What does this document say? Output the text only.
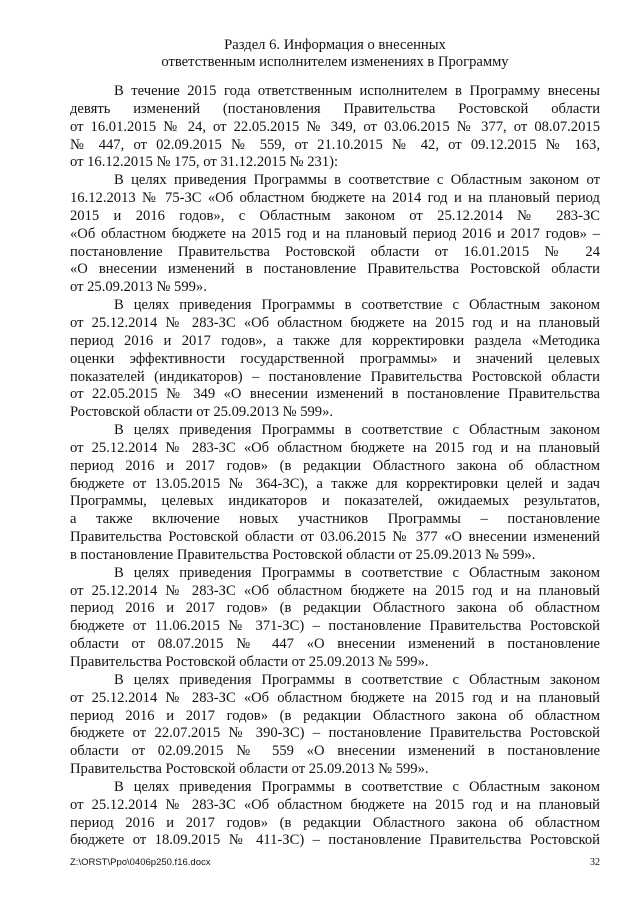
Раздел 6. Информация о внесенных
ответственным исполнителем изменениях в Программу

В течение 2015 года ответственным исполнителем в Программу внесены
девять изменений (постановления Правительства Ростовской области
от 16.01.2015 № 24, от 22.05.2015 № 349, от 03.06.2015 № 377, от 08.07.2015
№ 447, от 02.09.2015 № 559, от 21.10.2015 № 42, от 09.12.2015 № 163,
от 16.12.2015 № 175, от 31.12.2015 № 231):

В целях приведения Программы в соответствие с Областным законом от
16.12.2013 № 75-ЗС «Об областном бюджете на 2014 год и на плановый период
2015 и 2016 годов», с Областным законом от 25.12.2014 № 283-ЗС
«Об областном бюджете на 2015 год и на плановый период 2016 и 2017 годов» –
постановление Правительства Ростовской области от 16.01.2015 № 24
«О внесении изменений в постановление Правительства Ростовской области
от 25.09.2013 № 599».

В целях приведения Программы в соответствие с Областным законом
от 25.12.2014 № 283-ЗС «Об областном бюджете на 2015 год и на плановый
период 2016 и 2017 годов», а также для корректировки раздела «Методика
оценки эффективности государственной программы» и значений целевых
показателей (индикаторов) – постановление Правительства Ростовской области
от 22.05.2015 № 349 «О внесении изменений в постановление Правительства
Ростовской области от 25.09.2013 № 599».

В целях приведения Программы в соответствие с Областным законом
от 25.12.2014 № 283-ЗС «Об областном бюджете на 2015 год и на плановый
период 2016 и 2017 годов» (в редакции Областного закона об областном
бюджете от 13.05.2015 № 364-ЗС), а также для корректировки целей и задач
Программы, целевых индикаторов и показателей, ожидаемых результатов,
а также включение новых участников Программы – постановление
Правительства Ростовской области от 03.06.2015 № 377 «О внесении изменений
в постановление Правительства Ростовской области от 25.09.2013 № 599».

В целях приведения Программы в соответствие с Областным законом
от 25.12.2014 № 283-ЗС «Об областном бюджете на 2015 год и на плановый
период 2016 и 2017 годов» (в редакции Областного закона об областном
бюджете от 11.06.2015 № 371-ЗС) – постановление Правительства Ростовской
области от 08.07.2015 № 447 «О внесении изменений в постановление
Правительства Ростовской области от 25.09.2013 № 599».

В целях приведения Программы в соответствие с Областным законом
от 25.12.2014 № 283-ЗС «Об областном бюджете на 2015 год и на плановый
период 2016 и 2017 годов» (в редакции Областного закона об областном
бюджете от 22.07.2015 № 390-ЗС) – постановление Правительства Ростовской
области от 02.09.2015 № 559 «О внесении изменений в постановление
Правительства Ростовской области от 25.09.2013 № 599».

В целях приведения Программы в соответствие с Областным законом
от 25.12.2014 № 283-ЗС «Об областном бюджете на 2015 год и на плановый
период 2016 и 2017 годов» (в редакции Областного закона об областном
бюджете от 18.09.2015 № 411-ЗС) – постановление Правительства Ростовской

Z:\ORST\Ppo\0406p250.f16.docx	32
